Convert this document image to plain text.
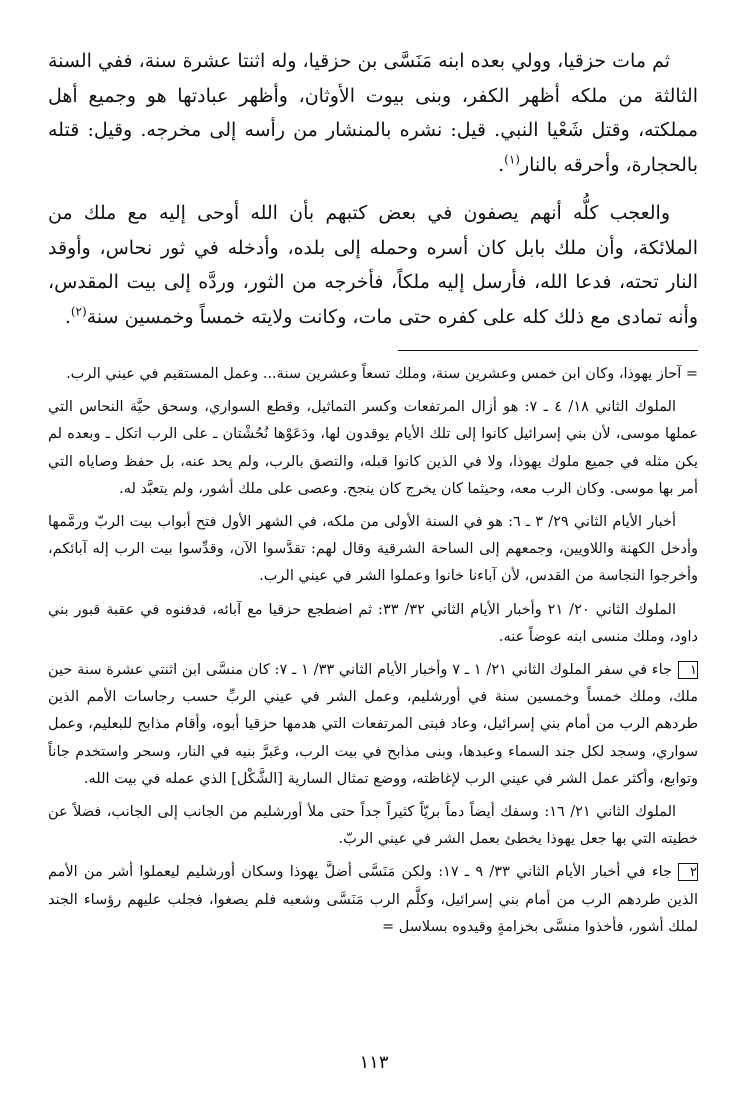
ثم مات حزقيا، وولي بعده ابنه مَنَسَّى بن حزقيا، وله اثنتا عشرة سنة، ففي السنة الثالثة من ملكه أظهر الكفر، وبنى بيوت الأوثان، وأظهر عبادتها هو وجميع أهل مملكته، وقتل شَعْيا النبي. قيل: نشره بالمنشار من رأسه إلى مخرجه. وقيل: قتله بالحجارة، وأحرقه بالنار$^{(١)}$.

والعجب كلُّه أنهم يصفون في بعض كتبهم بأن الله أوحى إليه مع ملك من الملائكة، وأن ملك بابل كان أسره وحمله إلى بلده، وأدخله في ثور نحاس، وأوقد النار تحته، فدعا الله، فأرسل إليه ملكاً، فأخرجه من الثور، وردَّه إلى بيت المقدس، وأنه تمادى مع ذلك كله على كفره حتى مات، وكانت ولايته خمساً وخمسين سنة$^{(٢)}$.

= آحاز يهوذا، وكان ابن خمس وعشرين سنة، وملك تسعاً وعشرين سنة... وعمل المستقيم في عيني الرب.

الملوك الثاني ١٨/ ٤ ـ ٧: هو أزال المرتفعات وكسر التماثيل، وقطع السواري، وسحق حيَّة النحاس التي عملها موسى، لأن بني إسرائيل كانوا إلى تلك الأيام يوقدون لها، ودَعَوْها نُحُشْتان ـ على الرب اتكل ـ وبعده لم يكن مثله في جميع ملوك يهوذا، ولا في الذين كانوا قبله، والتصق بالرب، ولم يحد عنه، بل حفظ وصاياه التي أمر بها موسى. وكان الرب معه، وحيثما كان يخرج كان ينجح. وعصى على ملك أشور، ولم يتعبَّد له.

أخبار الأيام الثاني ٢٩/ ٣ ـ ٦: هو في السنة الأولى من ملكه، في الشهر الأول فتح أبواب بيت الربّ ورمَّمها وأدخل الكهنة واللاويين، وجمعهم إلى الساحة الشرقية وقال لهم: تقدَّسوا الآن، وقدِّسوا بيت الرب إله آبائكم، وأخرجوا النجاسة من القدس، لأن آباءنا خانوا وعملوا الشر في عيني الرب.

الملوك الثاني ٢٠/ ٢١ وأخبار الأيام الثاني ٣٢/ ٣٣: ثم اضطجع حزقيا مع آبائه، فدفنوه في عقبة قبور بني داود، وملك منسى ابنه عوضاً عنه.

١جاء في سفر الملوك الثاني ٢١/ ١ ـ ٧ وأخبار الأيام الثاني ٣٣/ ١ ـ ٧: كان منسَّى ابن اثنتي عشرة سنة حين ملك، وملك خمساً وخمسين سنة في أورشليم، وعمل الشر في عيني الربِّ حسب رجاسات الأمم الذين طردهم الرب من أمام بني إسرائيل، وعاد فبنى المرتفعات التي هدمها حزقيا أبوه، وأقام مذابح للبعليم، وعمل سواري، وسجد لكل جند السماء وعبدها، وبنى مذابح في بيت الرب، وعَبرَّ بنيه في النار، وسحر واستخدم جاناً وتوابع، وأكثر عمل الشر في عيني الرب لإغاظته، ووضع تمثال السارية [الشَّكْل] الذي عمله في بيت الله.

الملوك الثاني ٢١/ ١٦: وسفك أيضاً دماً بريّاً كثيراً جداً حتى ملأ أورشليم من الجانب إلى الجانب، فضلاً عن خطيته التي بها جعل يهوذا يخطئ بعمل الشر في عيني الربّ.

٢جاء في أخبار الأيام الثاني ٣٣/ ٩ ـ ١٧: ولكن مَنَسَّى أضلَّ يهوذا وسكان أورشليم ليعملوا أشر من الأمم الذين طردهم الرب من أمام بني إسرائيل، وكلَّم الرب مَنَسَّى وشعبه فلم يصغوا، فجلب عليهم رؤساء الجند لملك أشور، فأخذوا منسَّى بخزامةٍ وقيدوه بسلاسل =

١١٣
